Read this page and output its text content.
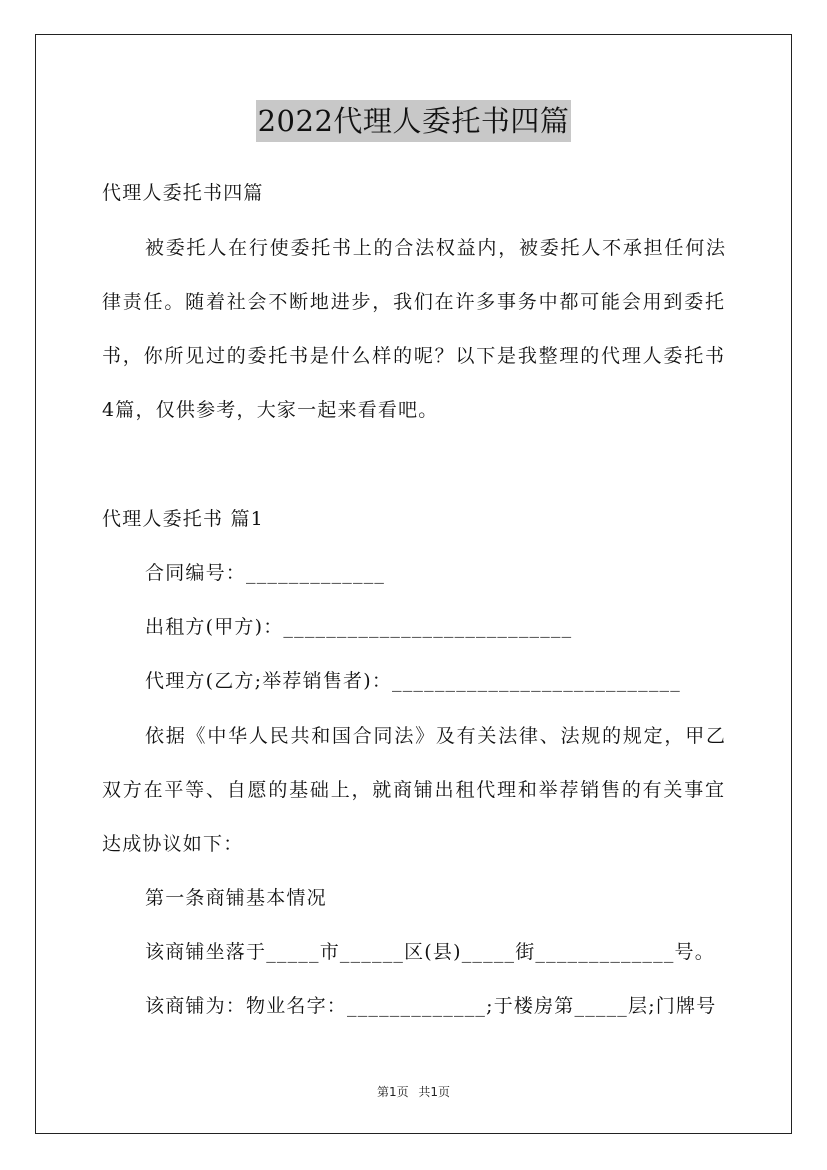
2022代理人委托书四篇
代理人委托书四篇
被委托人在行使委托书上的合法权益内，被委托人不承担任何法
律责任。随着社会不断地进步，我们在许多事务中都可能会用到委托
书，你所见过的委托书是什么样的呢？以下是我整理的代理人委托书
4篇，仅供参考，大家一起来看看吧。
代理人委托书 篇1
合同编号：_____________
出租方(甲方)：___________________________
代理方(乙方;举荐销售者)：___________________________
依据《中华人民共和国合同法》及有关法律、法规的规定，甲乙
双方在平等、自愿的基础上，就商铺出租代理和举荐销售的有关事宜
达成协议如下：
第一条商铺基本情况
该商铺坐落于_____市______区(县)_____街_____________号。
该商铺为：物业名字：_____________;于楼房第_____层;门牌号
第1页 共1页
